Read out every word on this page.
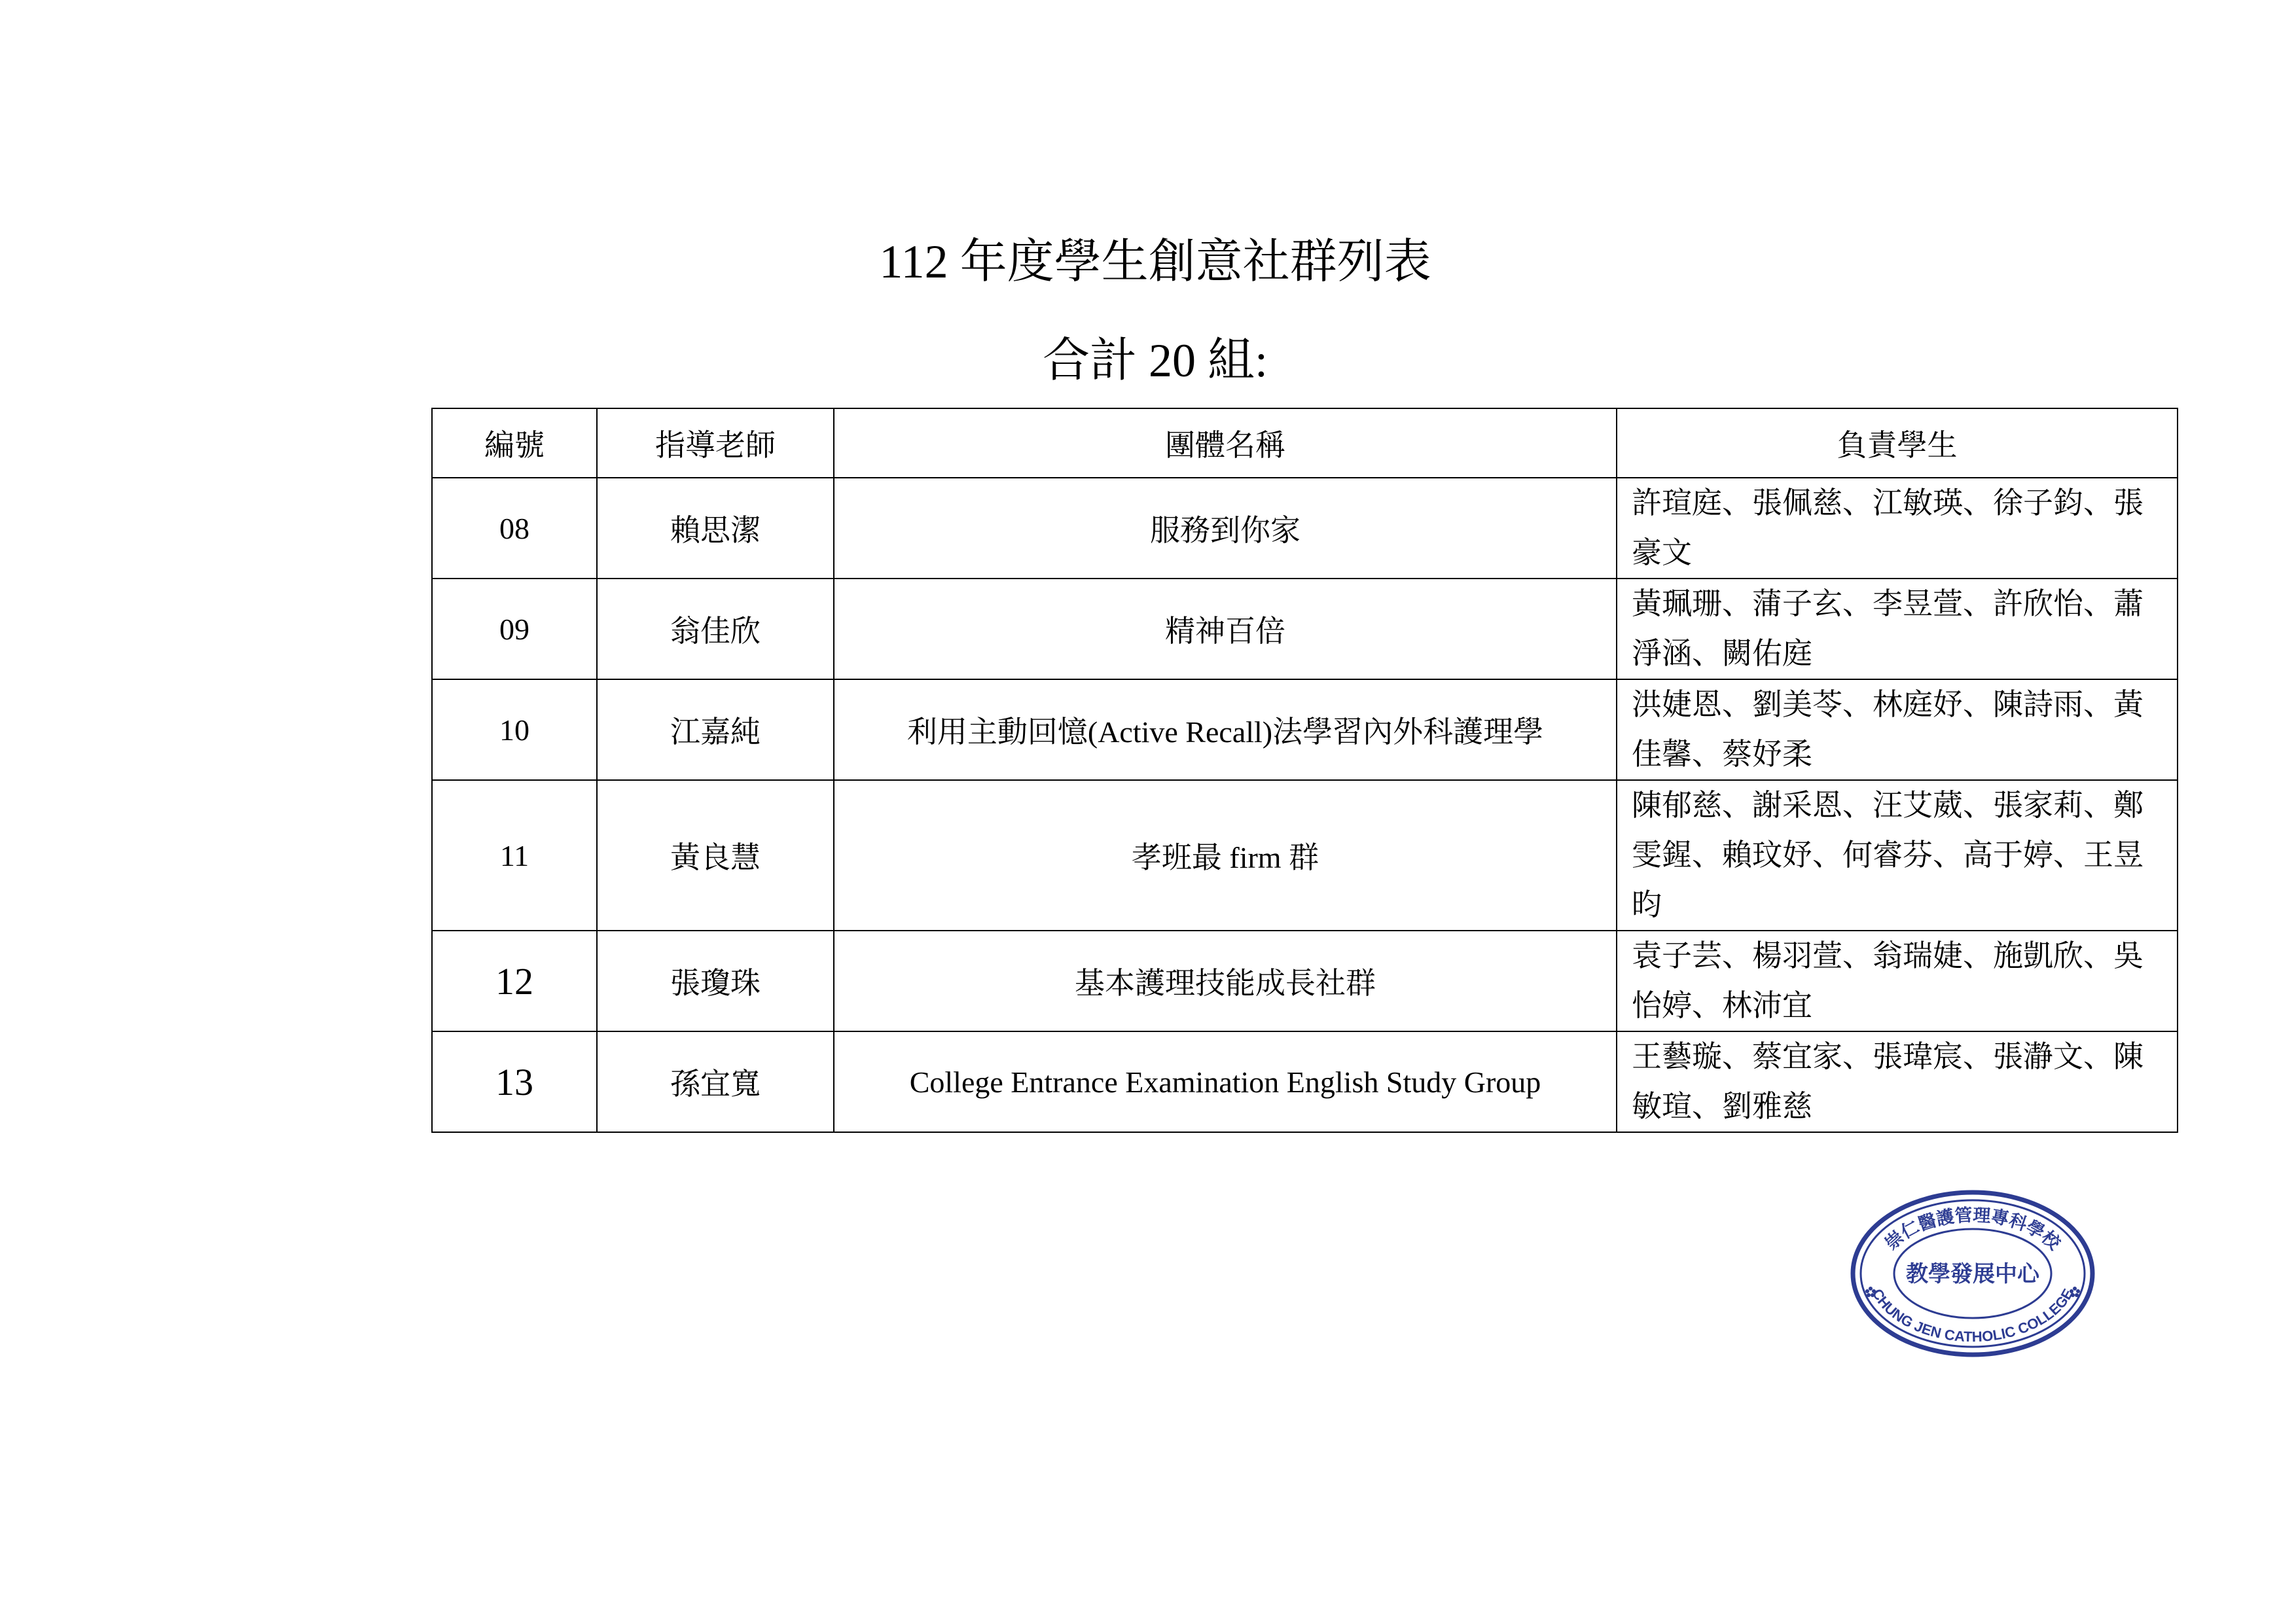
112 年度學生創意社群列表
合計 20 組:
編號	指導老師	團體名稱	負責學生
08	賴思潔	服務到你家	許瑄庭、張佩慈、江敏瑛、徐子鈞、張豪文
09	翁佳欣	精神百倍	黃珮珊、蒲子玄、李昱萱、許欣怡、蕭淨涵、闕佑庭
10	江嘉純	利用主動回憶(Active Recall)法學習內外科護理學	洪婕恩、劉美苓、林庭妤、陳詩雨、黃佳馨、蔡妤柔
11	黃良慧	孝班最 firm 群	陳郁慈、謝采恩、汪艾葳、張家莉、鄭雯鍟、賴玟妤、何睿芬、高于婷、王昱昀
12	張瓊珠	基本護理技能成長社群	袁子芸、楊羽萱、翁瑞婕、施凱欣、吳怡婷、林沛宜
13	孫宜寬	College Entrance Examination English Study Group	王藝璇、蔡宜家、張瑋宸、張瀞文、陳敏瑄、劉雅慈
崇仁醫護管理專科學校
教學發展中心
CHUNG JEN CATHOLIC COLLEGE
